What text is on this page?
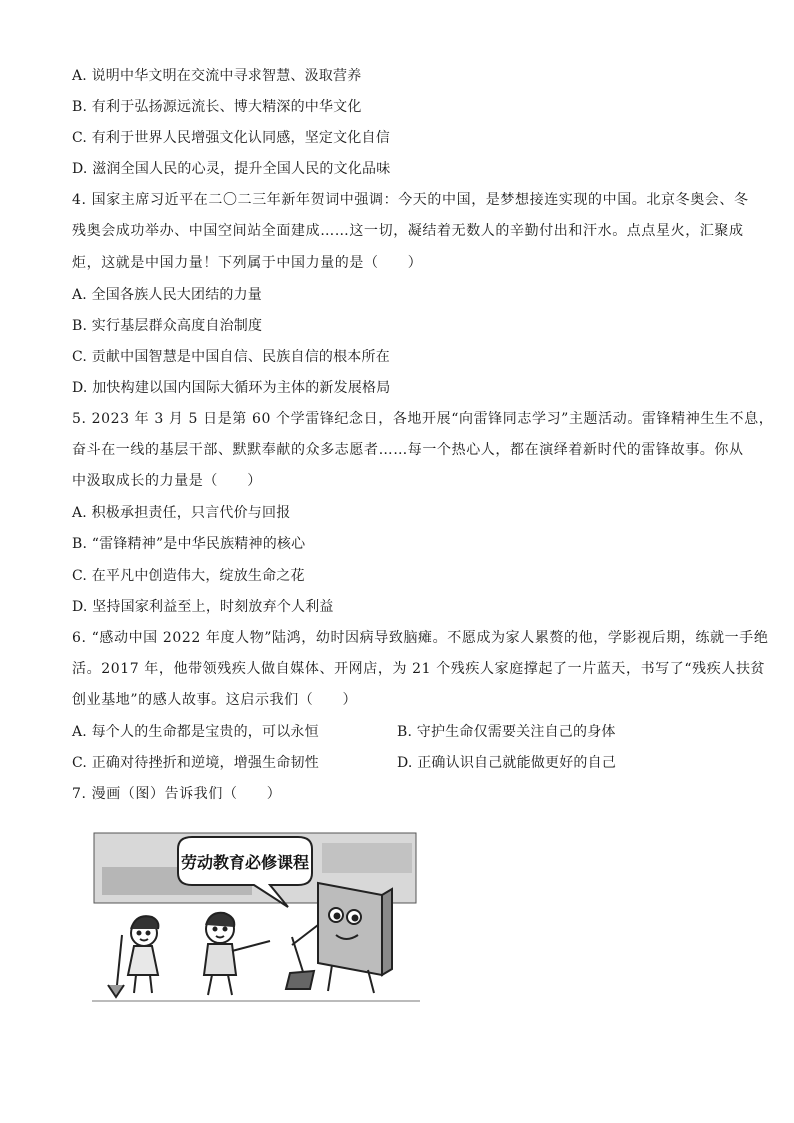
A. 说明中华文明在交流中寻求智慧、汲取营养
B. 有利于弘扬源远流长、博大精深的中华文化
C. 有利于世界人民增强文化认同感，坚定文化自信
D. 滋润全国人民的心灵，提升全国人民的文化品味
4. 国家主席习近平在二〇二三年新年贺词中强调：今天的中国，是梦想接连实现的中国。北京冬奥会、冬
残奥会成功举办、中国空间站全面建成……这一切，凝结着无数人的辛勤付出和汗水。点点星火，汇聚成
炬，这就是中国力量！下列属于中国力量的是（　　）
A. 全国各族人民大团结的力量
B. 实行基层群众高度自治制度
C. 贡献中国智慧是中国自信、民族自信的根本所在
D. 加快构建以国内国际大循环为主体的新发展格局
5. 2023 年 3 月 5 日是第 60 个学雷锋纪念日，各地开展“向雷锋同志学习”主题活动。雷锋精神生生不息，
奋斗在一线的基层干部、默默奉献的众多志愿者……每一个热心人，都在演绎着新时代的雷锋故事。你从
中汲取成长的力量是（　　）
A. 积极承担责任，只言代价与回报
B. “雷锋精神”是中华民族精神的核心
C. 在平凡中创造伟大，绽放生命之花
D. 坚持国家利益至上，时刻放弃个人利益
6. “感动中国 2022 年度人物”陆鸿，幼时因病导致脑瘫。不愿成为家人累赘的他，学影视后期，练就一手绝
活。2017 年，他带领残疾人做自媒体、开网店，为 21 个残疾人家庭撑起了一片蓝天，书写了“残疾人扶贫
创业基地”的感人故事。这启示我们（　　）
A. 每个人的生命都是宝贵的，可以永恒	B. 守护生命仅需要关注自己的身体
C. 正确对待挫折和逆境，增强生命韧性	D. 正确认识自己就能做更好的自己
7. 漫画（图）告诉我们（　　）
劳动教育必修课程
